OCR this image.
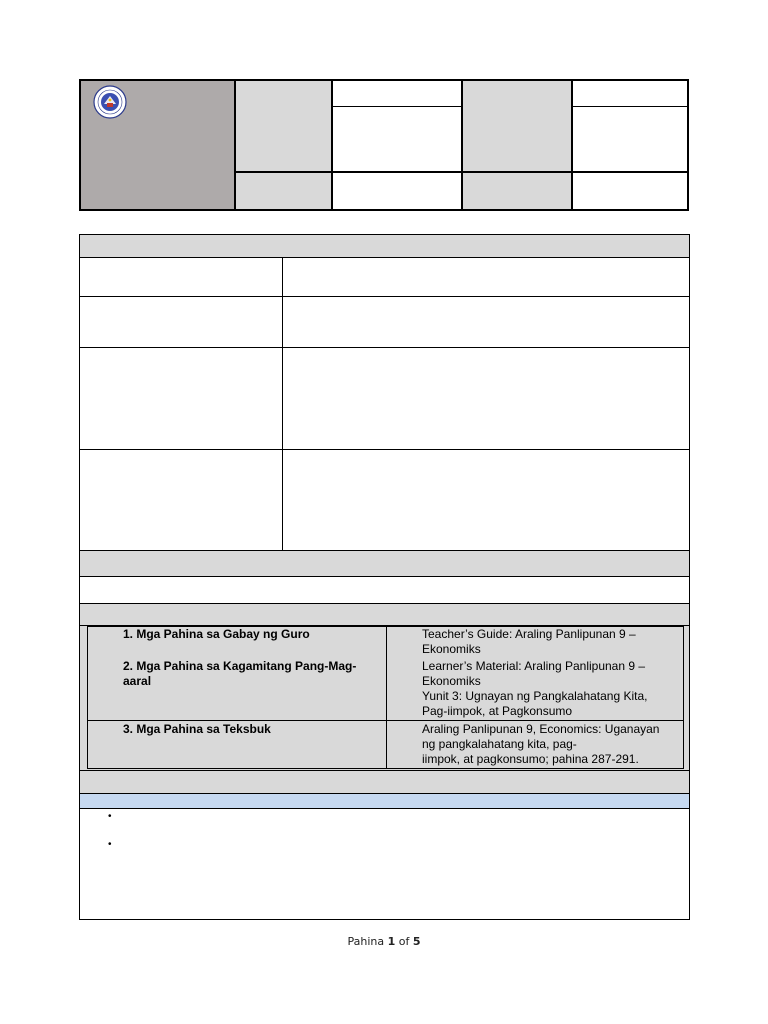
1. Mga Pahina sa Gabay ng Guro	Teacher’s Guide: Araling Panlipunan 9 –
Ekonomiks
2. Mga Pahina sa Kagamitang Pang-Mag-
aaral
Learner’s Material: Araling Panlipunan 9 –
Ekonomiks
Yunit 3: Ugnayan ng Pangkalahatang Kita,
Pag-iimpok, at Pagkonsumo
3. Mga Pahina sa Teksbuk	Araling Panlipunan 9, Economics: Uganayan
ng pangkalahatang kita, pag-
iimpok, at pagkonsumo; pahina 287-291.
•
•
Pahina 1 of 5
